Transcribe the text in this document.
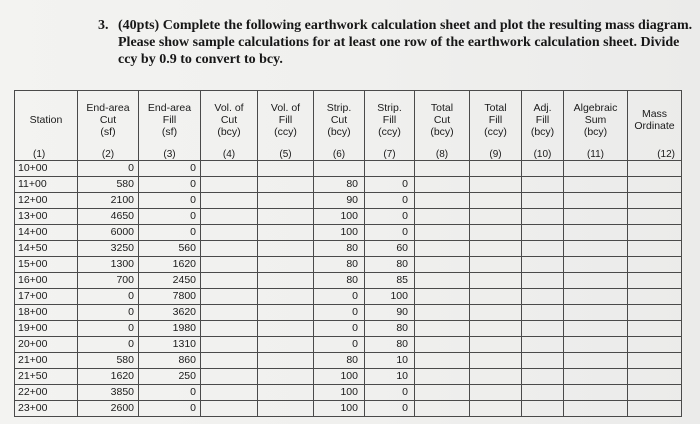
3. (40pts) Complete the following earthwork calculation sheet and plot the resulting mass diagram.
Please show sample calculations for at least one row of the earthwork calculation sheet. Divide
ccy by 0.9 to convert to bcy.
Station	End-area
Cut
(sf)	End-area
Fill
(sf)	Vol. of
Cut
(bcy)	Vol. of
Fill
(ccy)	Strip.
Cut
(bcy)	Strip.
Fill
(ccy)	Total
Cut
(bcy)	Total
Fill
(ccy)	Adj.
Fill
(bcy)	Algebraic
Sum
(bcy)	Mass
Ordinate

(1)	(2)	(3)	(4)	(5)	(6)	(7)	(8)	(9)	(10)	(11)	(12)
10+00	0	0									
11+00	580	0			80	0					
12+00	2100	0			90	0					
13+00	4650	0			100	0					
14+00	6000	0			100	0					
14+50	3250	560			80	60					
15+00	1300	1620			80	80					
16+00	700	2450			80	85					
17+00	0	7800			0	100					
18+00	0	3620			0	90					
19+00	0	1980			0	80					
20+00	0	1310			0	80					
21+00	580	860			80	10					
21+50	1620	250			100	10					
22+00	3850	0			100	0					
23+00	2600	0			100	0					
